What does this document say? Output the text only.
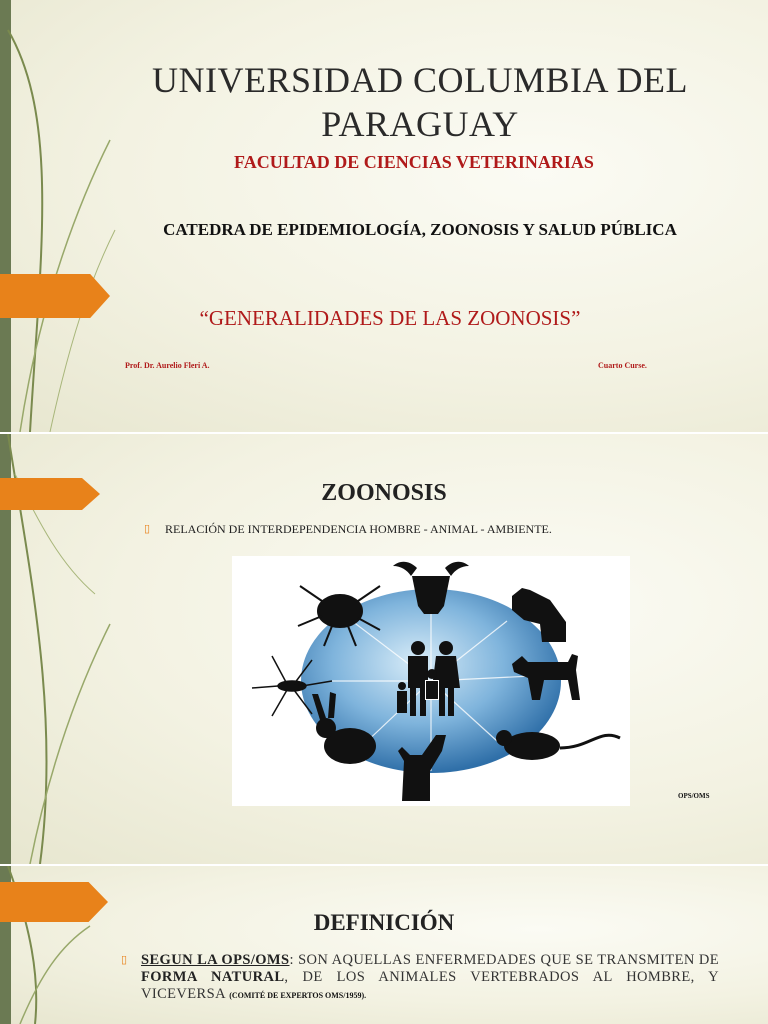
UNIVERSIDAD COLUMBIA DEL PARAGUAY
FACULTAD DE CIENCIAS VETERINARIAS
CATEDRA DE EPIDEMIOLOGÍA, ZOONOSIS Y SALUD PÚBLICA
“GENERALIDADES DE LAS ZOONOSIS”
Prof. Dr. Aurelio Fleri A.	Cuarto Curse.
ZOONOSIS
▯ RELACIÓN DE INTERDEPENDENCIA HOMBRE - ANIMAL - AMBIENTE.
OPS/OMS
DEFINICIÓN
▯ SEGUN LA OPS/OMS: SON AQUELLAS ENFERMEDADES QUE SE TRANSMITEN DE FORMA NATURAL, DE LOS ANIMALES VERTEBRADOS AL HOMBRE, Y VICEVERSA (COMITÉ DE EXPERTOS OMS/1959).
